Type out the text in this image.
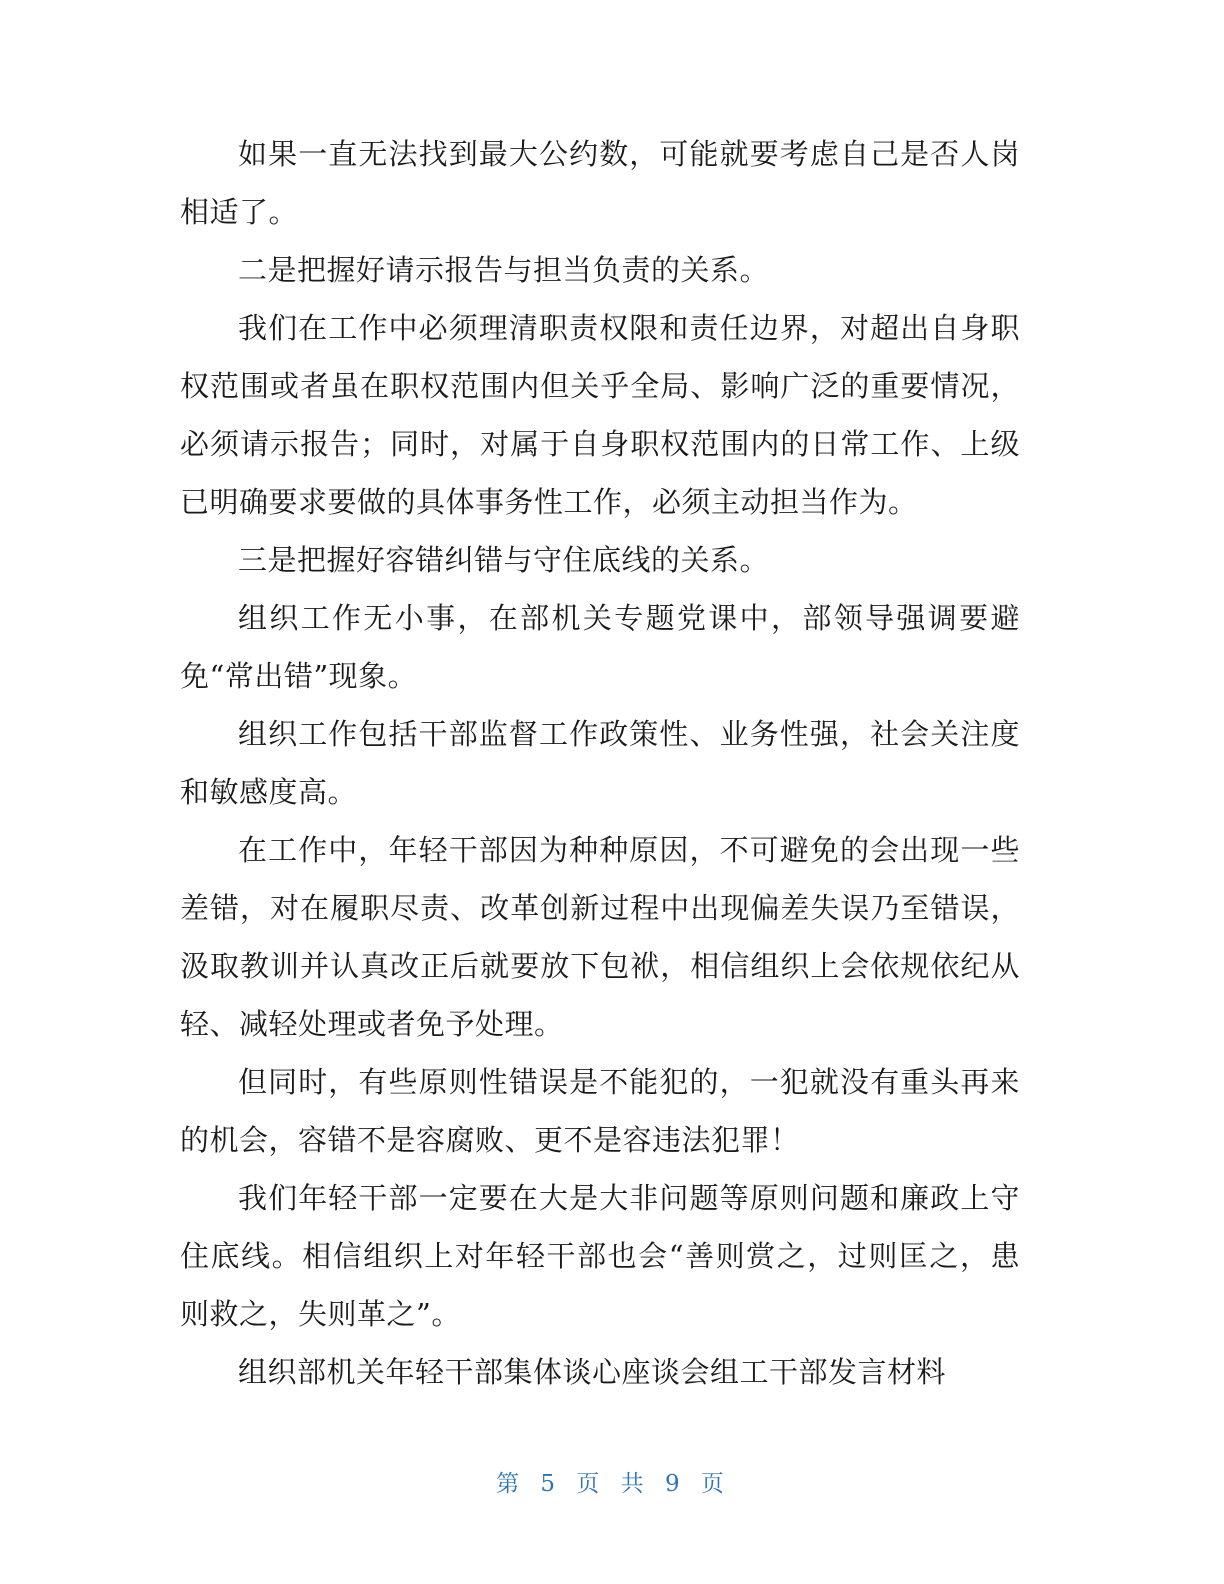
如果一直无法找到最大公约数，可能就要考虑自己是否人岗相适了。

二是把握好请示报告与担当负责的关系。

我们在工作中必须理清职责权限和责任边界，对超出自身职权范围或者虽在职权范围内但关乎全局、影响广泛的重要情况，必须请示报告；同时，对属于自身职权范围内的日常工作、上级已明确要求要做的具体事务性工作，必须主动担当作为。

三是把握好容错纠错与守住底线的关系。

组织工作无小事，在部机关专题党课中，部领导强调要避免“常出错”现象。

组织工作包括干部监督工作政策性、业务性强，社会关注度和敏感度高。

在工作中，年轻干部因为种种原因，不可避免的会出现一些差错，对在履职尽责、改革创新过程中出现偏差失误乃至错误，汲取教训并认真改正后就要放下包袱，相信组织上会依规依纪从轻、减轻处理或者免予处理。

但同时，有些原则性错误是不能犯的，一犯就没有重头再来的机会，容错不是容腐败、更不是容违法犯罪！

我们年轻干部一定要在大是大非问题等原则问题和廉政上守住底线。相信组织上对年轻干部也会“善则赏之，过则匡之，患则救之，失则革之”。

组织部机关年轻干部集体谈心座谈会组工干部发言材料

第 5 页 共 9 页
